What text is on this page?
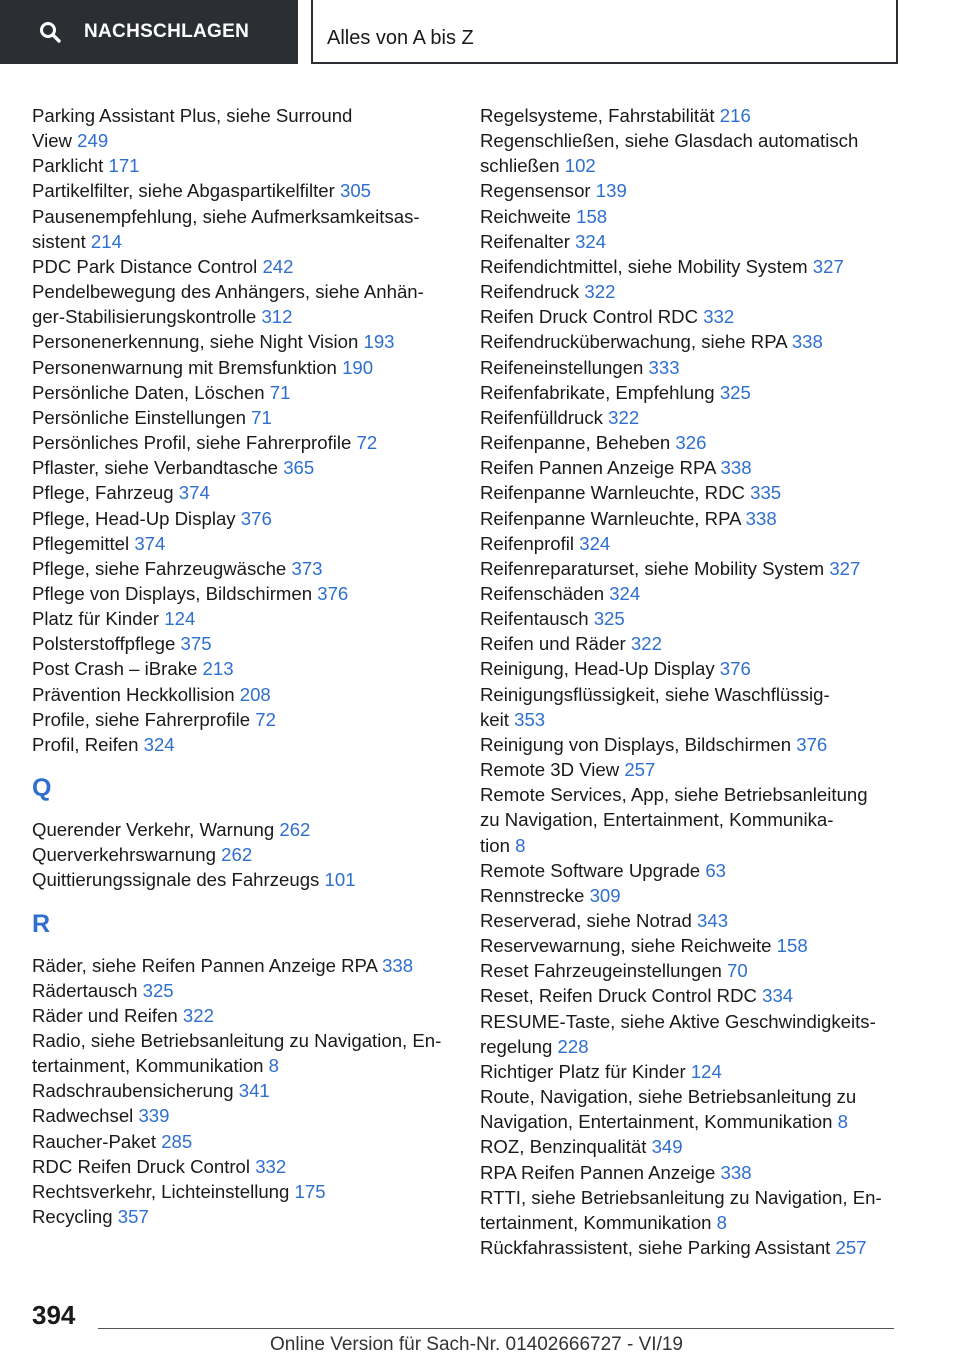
NACHSCHLAGEN	Alles von A bis Z
Parking Assistant Plus, siehe Surround
View 249
Parklicht 171
Partikelfilter, siehe Abgaspartikelfilter 305
Pausenempfehlung, siehe Aufmerksamkeitsas-
sistent 214
PDC Park Distance Control 242
Pendelbewegung des Anhängers, siehe Anhän-
ger-Stabilisierungskontrolle 312
Personenerkennung, siehe Night Vision 193
Personenwarnung mit Bremsfunktion 190
Persönliche Daten, Löschen 71
Persönliche Einstellungen 71
Persönliches Profil, siehe Fahrerprofile 72
Pflaster, siehe Verbandtasche 365
Pflege, Fahrzeug 374
Pflege, Head-Up Display 376
Pflegemittel 374
Pflege, siehe Fahrzeugwäsche 373
Pflege von Displays, Bildschirmen 376
Platz für Kinder 124
Polsterstoffpflege 375
Post Crash – iBrake 213
Prävention Heckkollision 208
Profile, siehe Fahrerprofile 72
Profil, Reifen 324
Q
Querender Verkehr, Warnung 262
Querverkehrswarnung 262
Quittierungssignale des Fahrzeugs 101
R
Räder, siehe Reifen Pannen Anzeige RPA 338
Rädertausch 325
Räder und Reifen 322
Radio, siehe Betriebsanleitung zu Navigation, En-
tertainment, Kommunikation 8
Radschraubensicherung 341
Radwechsel 339
Raucher-Paket 285
RDC Reifen Druck Control 332
Rechtsverkehr, Lichteinstellung 175
Recycling 357
Regelsysteme, Fahrstabilität 216
Regenschließen, siehe Glasdach automatisch
schließen 102
Regensensor 139
Reichweite 158
Reifenalter 324
Reifendichtmittel, siehe Mobility System 327
Reifendruck 322
Reifen Druck Control RDC 332
Reifendrucküberwachung, siehe RPA 338
Reifeneinstellungen 333
Reifenfabrikate, Empfehlung 325
Reifenfülldruck 322
Reifenpanne, Beheben 326
Reifen Pannen Anzeige RPA 338
Reifenpanne Warnleuchte, RDC 335
Reifenpanne Warnleuchte, RPA 338
Reifenprofil 324
Reifenreparaturset, siehe Mobility System 327
Reifenschäden 324
Reifentausch 325
Reifen und Räder 322
Reinigung, Head-Up Display 376
Reinigungsflüssigkeit, siehe Waschflüssig-
keit 353
Reinigung von Displays, Bildschirmen 376
Remote 3D View 257
Remote Services, App, siehe Betriebsanleitung
zu Navigation, Entertainment, Kommunika-
tion 8
Remote Software Upgrade 63
Rennstrecke 309
Reserverad, siehe Notrad 343
Reservewarnung, siehe Reichweite 158
Reset Fahrzeugeinstellungen 70
Reset, Reifen Druck Control RDC 334
RESUME-Taste, siehe Aktive Geschwindigkeits-
regelung 228
Richtiger Platz für Kinder 124
Route, Navigation, siehe Betriebsanleitung zu
Navigation, Entertainment, Kommunikation 8
ROZ, Benzinqualität 349
RPA Reifen Pannen Anzeige 338
RTTI, siehe Betriebsanleitung zu Navigation, En-
tertainment, Kommunikation 8
Rückfahrassistent, siehe Parking Assistant 257
394
Online Version für Sach-Nr. 01402666727 - VI/19
